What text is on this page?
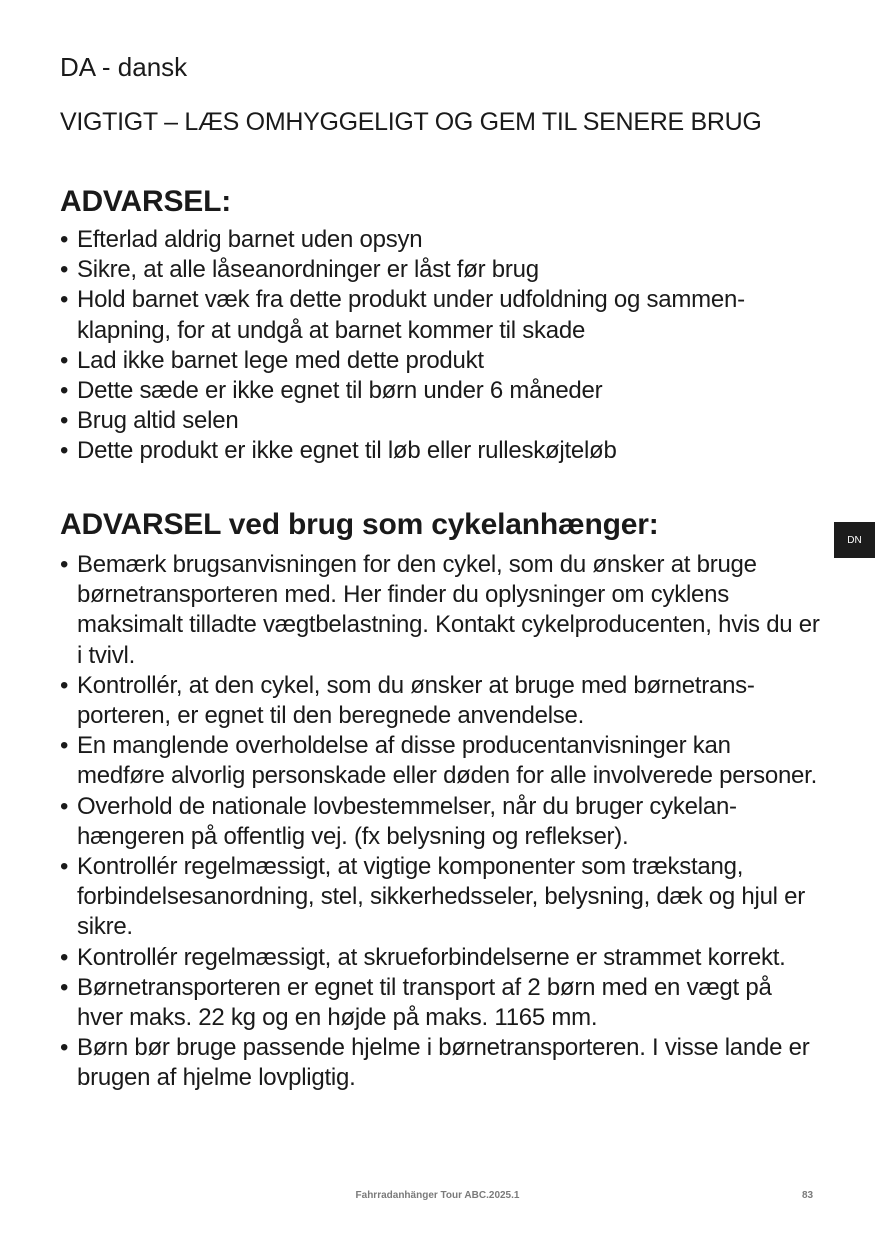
DA - dansk
VIGTIGT – LÆS OMHYGGELIGT OG GEM TIL SENERE BRUG
ADVARSEL:
• Efterlad aldrig barnet uden opsyn
• Sikre, at alle låseanordninger er låst før brug
• Hold barnet væk fra dette produkt under udfoldning og sammen-klapning, for at undgå at barnet kommer til skade
• Lad ikke barnet lege med dette produkt
• Dette sæde er ikke egnet til børn under 6 måneder
• Brug altid selen
• Dette produkt er ikke egnet til løb eller rulleskøjteløb
ADVARSEL ved brug som cykelanhænger:
• Bemærk brugsanvisningen for den cykel, som du ønsker at bruge børnetransporteren med. Her finder du oplysninger om cyklens maksimalt tilladte vægtbelastning. Kontakt cykelproducenten, hvis du er i tvivl.
• Kontrollér, at den cykel, som du ønsker at bruge med børnetrans-porteren, er egnet til den beregnede anvendelse.
• En manglende overholdelse af disse producentanvisninger kan medføre alvorlig personskade eller døden for alle involverede personer.
• Overhold de nationale lovbestemmelser, når du bruger cykelan-hængeren på offentlig vej. (fx belysning og reflekser).
• Kontrollér regelmæssigt, at vigtige komponenter som trækstang, forbindelsesanordning, stel, sikkerhedsseler, belysning, dæk og hjul er sikre.
• Kontrollér regelmæssigt, at skrueforbindelserne er strammet korrekt.
• Børnetransporteren er egnet til transport af 2 børn med en vægt på hver maks. 22 kg og en højde på maks. 1165 mm.
• Børn bør bruge passende hjelme i børnetransporteren. I visse lande er brugen af hjelme lovpligtig.
DN
Fahrradanhänger Tour ABC.2025.1	83
